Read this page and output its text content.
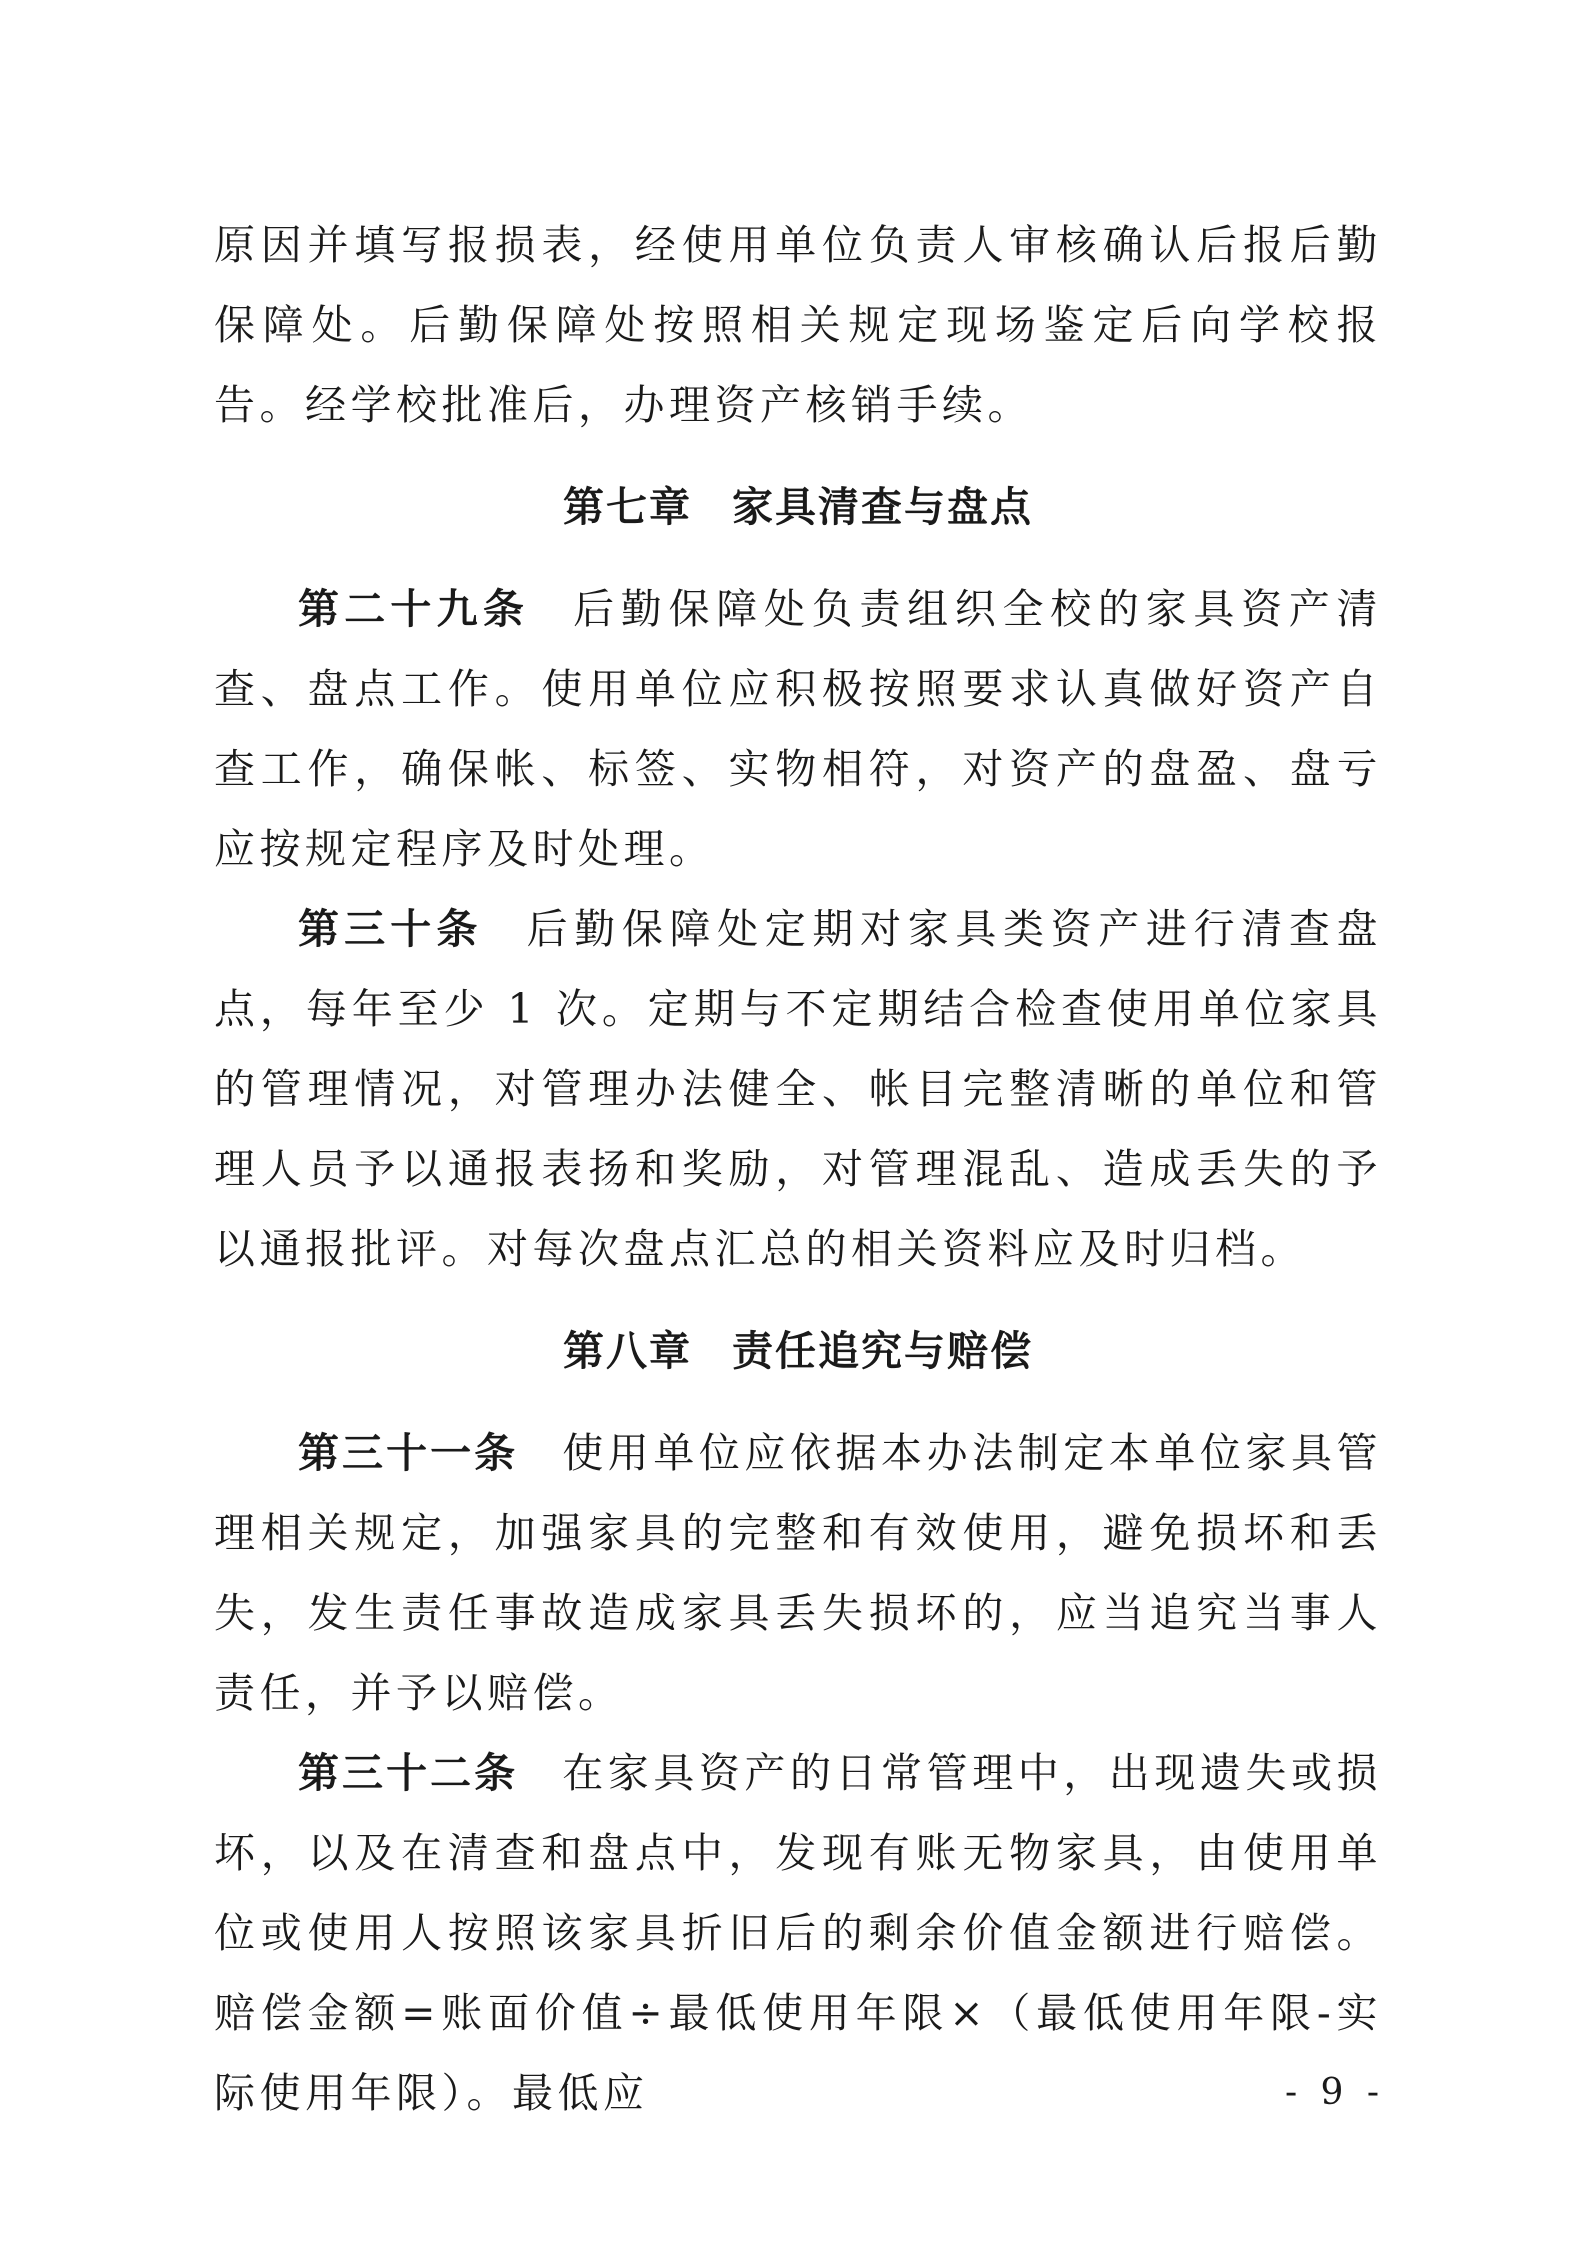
原因并填写报损表，经使用单位负责人审核确认后报后勤保障处。后勤保障处按照相关规定现场鉴定后向学校报告。经学校批准后，办理资产核销手续。

第七章 家具清查与盘点

第二十九条 后勤保障处负责组织全校的家具资产清查、盘点工作。使用单位应积极按照要求认真做好资产自查工作，确保帐、标签、实物相符，对资产的盘盈、盘亏应按规定程序及时处理。

第三十条 后勤保障处定期对家具类资产进行清查盘点，每年至少 1 次。定期与不定期结合检查使用单位家具的管理情况，对管理办法健全、帐目完整清晰的单位和管理人员予以通报表扬和奖励，对管理混乱、造成丢失的予以通报批评。对每次盘点汇总的相关资料应及时归档。

第八章 责任追究与赔偿

第三十一条 使用单位应依据本办法制定本单位家具管理相关规定，加强家具的完整和有效使用，避免损坏和丢失，发生责任事故造成家具丢失损坏的，应当追究当事人责任，并予以赔偿。

第三十二条 在家具资产的日常管理中，出现遗失或损坏，以及在清查和盘点中，发现有账无物家具，由使用单位或使用人按照该家具折旧后的剩余价值金额进行赔偿。赔偿金额=账面价值÷最低使用年限×（最低使用年限-实际使用年限）。最低应	- 9 -
